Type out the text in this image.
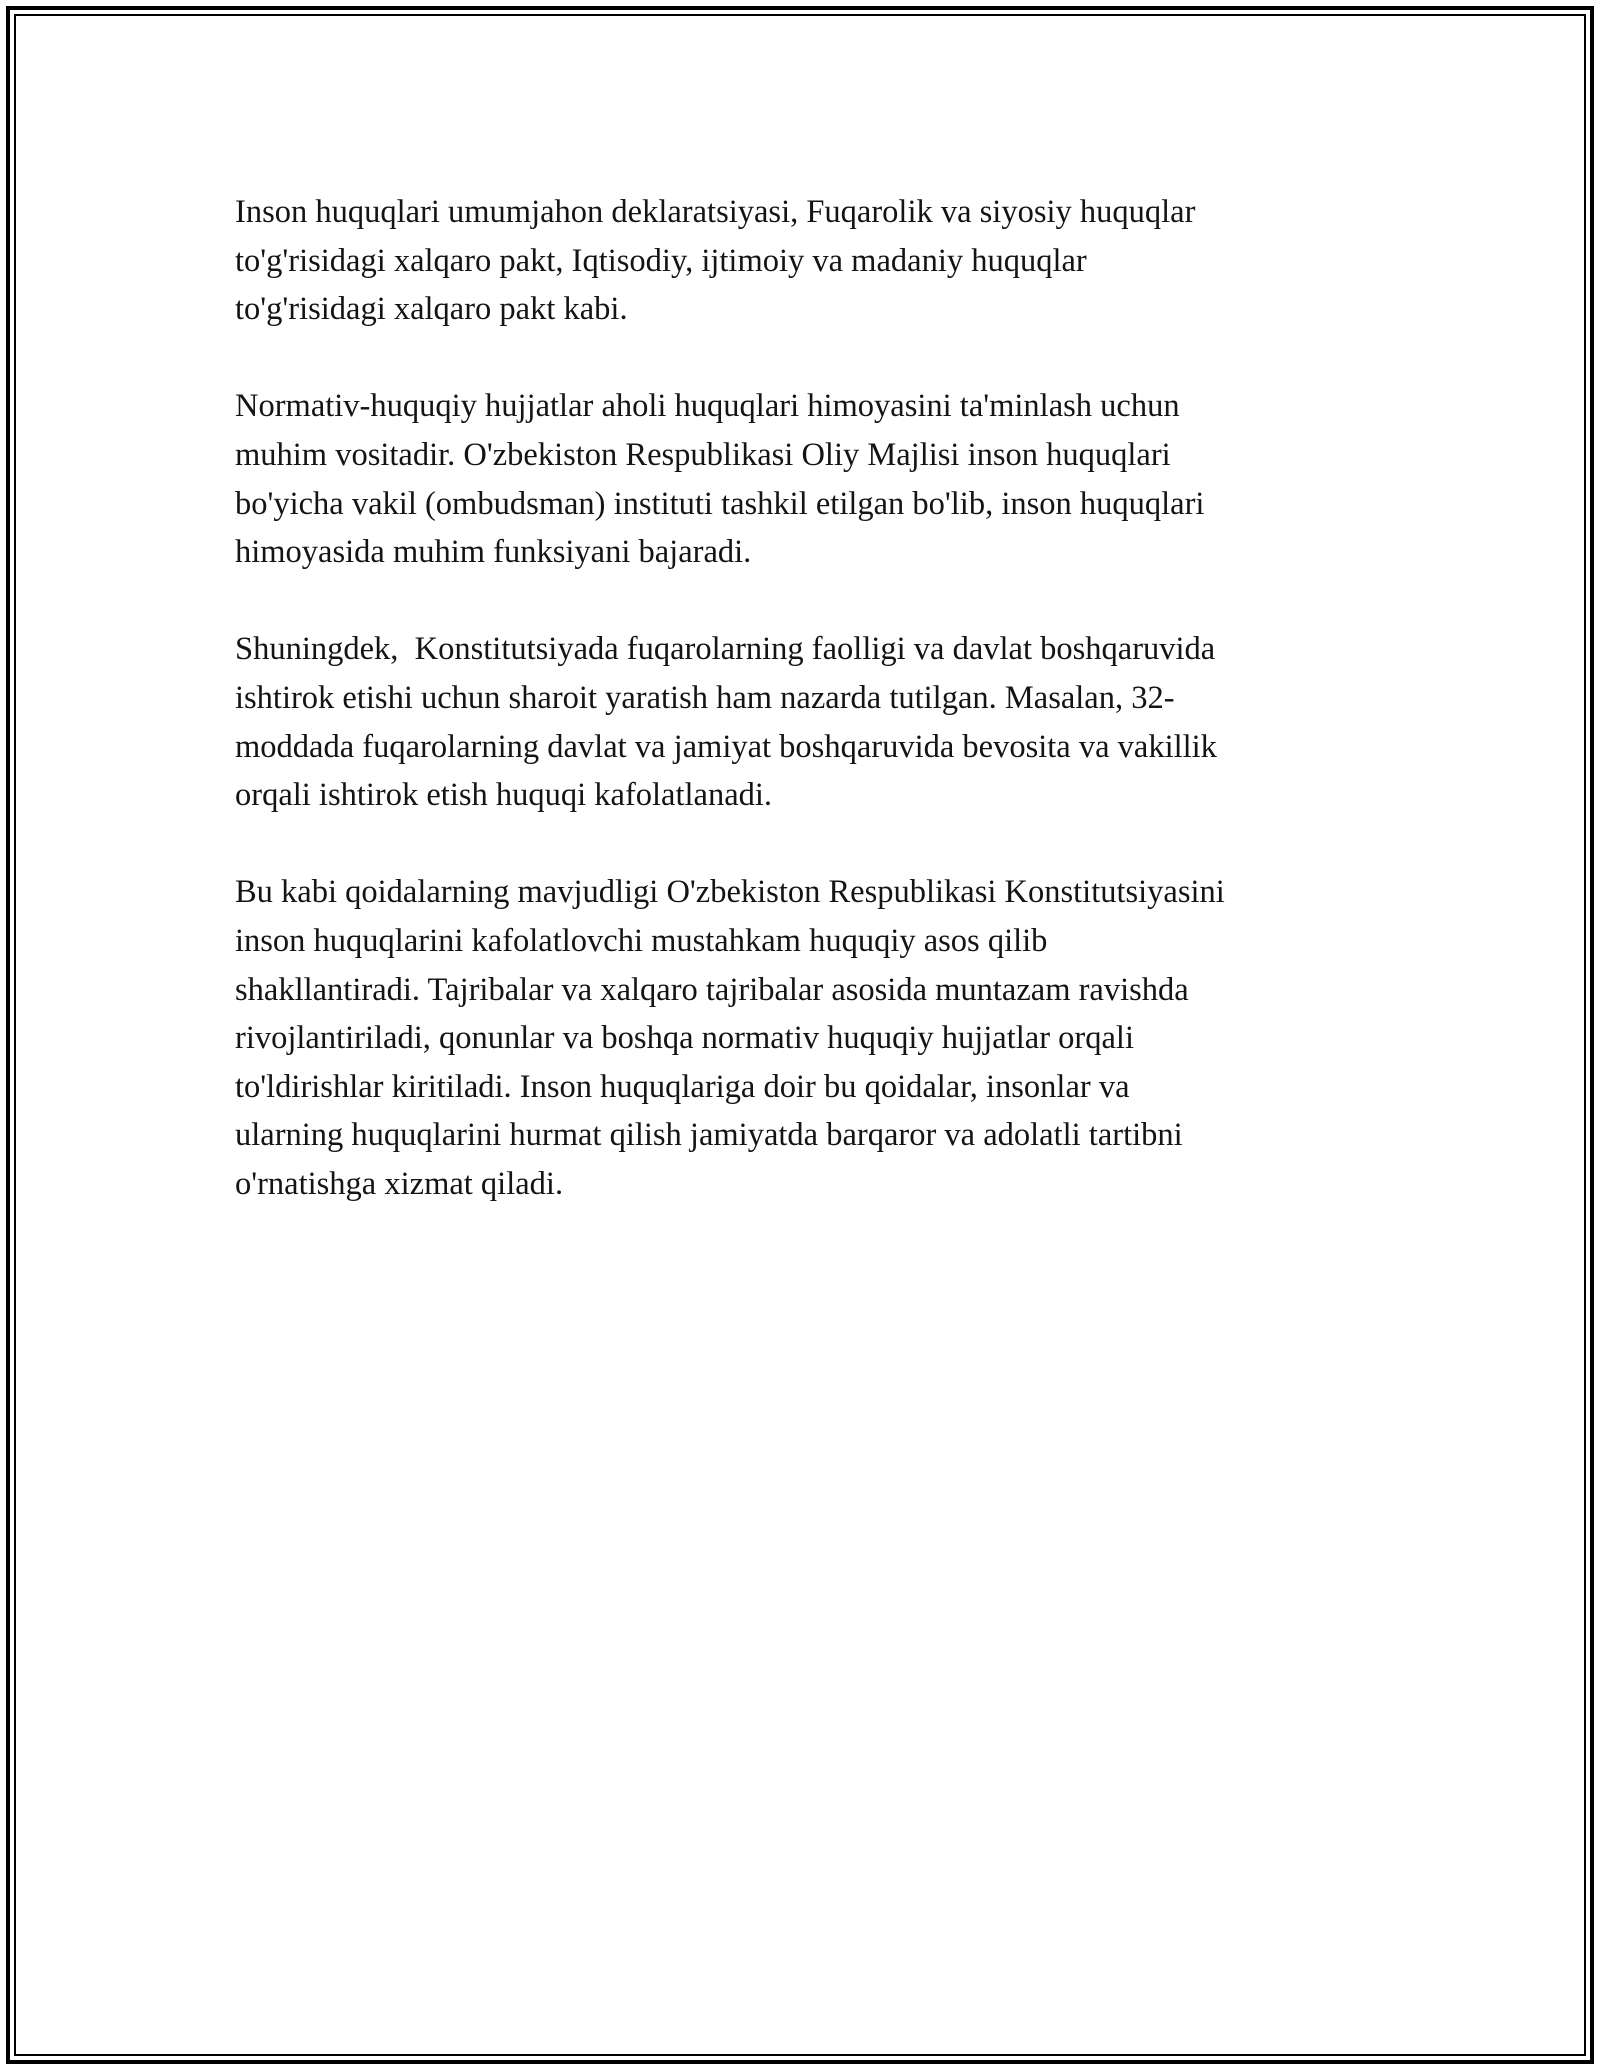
Inson huquqlari umumjahon deklaratsiyasi, Fuqarolik va siyosiy huquqlar
to'g'risidagi xalqaro pakt, Iqtisodiy, ijtimoiy va madaniy huquqlar
to'g'risidagi xalqaro pakt kabi.

Normativ-huquqiy hujjatlar aholi huquqlari himoyasini ta'minlash uchun
muhim vositadir. O'zbekiston Respublikasi Oliy Majlisi inson huquqlari
bo'yicha vakil (ombudsman) instituti tashkil etilgan bo'lib, inson huquqlari
himoyasida muhim funksiyani bajaradi.

Shuningdek,  Konstitutsiyada fuqarolarning faolligi va davlat boshqaruvida
ishtirok etishi uchun sharoit yaratish ham nazarda tutilgan. Masalan, 32-
moddada fuqarolarning davlat va jamiyat boshqaruvida bevosita va vakillik
orqali ishtirok etish huquqi kafolatlanadi.

Bu kabi qoidalarning mavjudligi O'zbekiston Respublikasi Konstitutsiyasini
inson huquqlarini kafolatlovchi mustahkam huquqiy asos qilib
shakllantiradi. Tajribalar va xalqaro tajribalar asosida muntazam ravishda
rivojlantiriladi, qonunlar va boshqa normativ huquqiy hujjatlar orqali
to'ldirishlar kiritiladi. Inson huquqlariga doir bu qoidalar, insonlar va
ularning huquqlarini hurmat qilish jamiyatda barqaror va adolatli tartibni
o'rnatishga xizmat qiladi.
